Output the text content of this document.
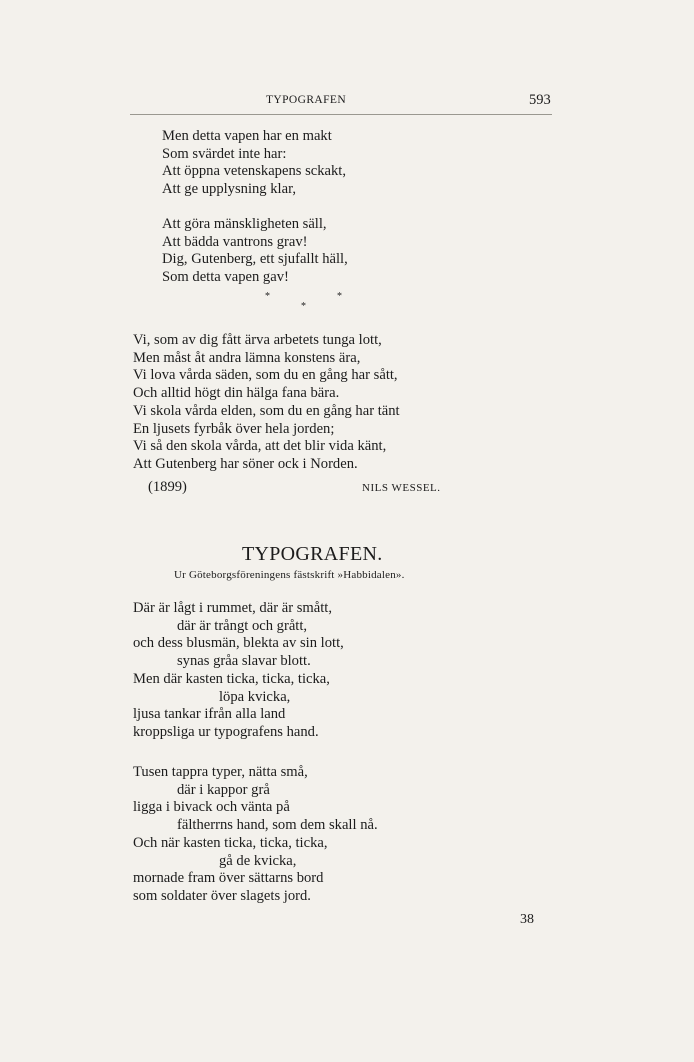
TYPOGRAFEN	593
Men detta vapen har en makt
Som svärdet inte har:
Att öppna vetenskapens sckakt,
Att ge upplysning klar,
Att göra mänskligheten säll,
Att bädda vantrons grav!
Dig, Gutenberg, ett sjufallt häll,
Som detta vapen gav!
*	*
*
Vi, som av dig fått ärva arbetets tunga lott,
Men måst åt andra lämna konstens ära,
Vi lova vårda säden, som du en gång har sått,
Och alltid högt din hälga fana bära.
Vi skola vårda elden, som du en gång har tänt
En ljusets fyrbåk över hela jorden;
Vi så den skola vårda, att det blir vida känt,
Att Gutenberg har söner ock i Norden.
(1899)	NILS WESSEL.
TYPOGRAFEN.
Ur Göteborgsföreningens fästskrift »Habbidalen».
Där är lågt i rummet, där är smått,
där är trångt och grått,
och dess blusmän, blekta av sin lott,
synas gråa slavar blott.
Men där kasten ticka, ticka, ticka,
löpa kvicka,
ljusa tankar ifrån alla land
kroppsliga ur typografens hand.
Tusen tappra typer, nätta små,
där i kappor grå
ligga i bivack och vänta på
fältherrns hand, som dem skall nå.
Och när kasten ticka, ticka, ticka,
gå de kvicka,
mornade fram över sättarns bord
som soldater över slagets jord.
38
